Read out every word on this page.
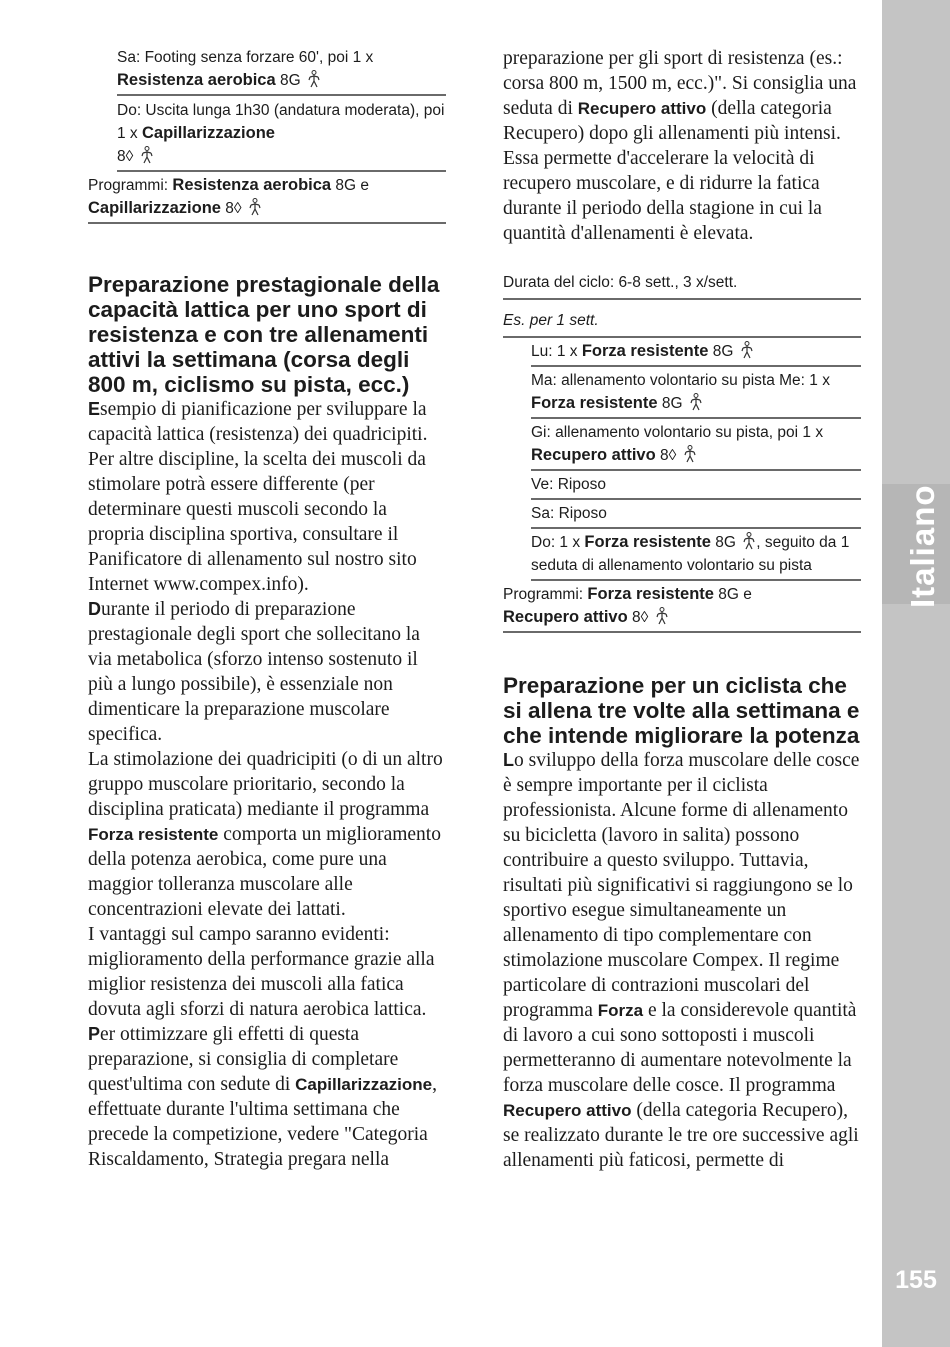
Italiano
155
Sa: Footing senza forzare 60', poi 1 x
Resistenza aerobica 8G
Do: Uscita lunga 1h30 (andatura moderata), poi 1 x Capillarizzazione
8◊
Programmi: Resistenza aerobica 8G e
Capillarizzazione 8◊
Preparazione prestagionale della capacità lattica per uno sport di resistenza e con tre allenamenti attivi la settimana (corsa degli 800 m, ciclismo su pista, ecc.)

Esempio di pianificazione per sviluppare la capacità lattica (resistenza) dei quadricipiti. Per altre discipline, la scelta dei muscoli da stimolare potrà essere differente (per determinare questi muscoli secondo la propria disciplina sportiva, consultare il Panificatore di allenamento sul nostro sito Internet www.compex.info).

Durante il periodo di preparazione prestagionale degli sport che sollecitano la via metabolica (sforzo intenso sostenuto il più a lungo possibile), è essenziale non dimenticare la preparazione muscolare specifica.

La stimolazione dei quadricipiti (o di un altro gruppo muscolare prioritario, secondo la disciplina praticata) mediante il programma Forza resistente comporta un miglioramento della potenza aerobica, come pure una maggior tolleranza muscolare alle concentrazioni elevate dei lattati.

I vantaggi sul campo saranno evidenti: miglioramento della performance grazie alla miglior resistenza dei muscoli alla fatica dovuta agli sforzi di natura aerobica lattica.

Per ottimizzare gli effetti di questa preparazione, si consiglia di completare quest'ultima con sedute di Capillarizzazione, effettuate durante l'ultima settimana che precede la competizione, vedere "Categoria Riscaldamento, Strategia pregara nella

preparazione per gli sport di resistenza (es.: corsa 800 m, 1500 m, ecc.)". Si consiglia una seduta di Recupero attivo (della categoria Recupero) dopo gli allenamenti più intensi. Essa permette d'accelerare la velocità di recupero muscolare, e di ridurre la fatica durante il periodo della stagione in cui la quantità d'allenamenti è elevata.

Durata del ciclo: 6-8 sett., 3 x/sett.
Es. per 1 sett.
Lu: 1 x Forza resistente 8G
Ma: allenamento volontario su pista Me: 1 x
Forza resistente 8G
Gi: allenamento volontario su pista, poi 1 x
Recupero attivo 8◊
Ve: Riposo
Sa: Riposo
Do: 1 x Forza resistente 8G , seguito da 1 seduta di allenamento volontario su pista
Programmi: Forza resistente 8G e
Recupero attivo 8◊
Preparazione per un ciclista che si allena tre volte alla settimana e che intende migliorare la potenza

Lo sviluppo della forza muscolare delle cosce è sempre importante per il ciclista professionista. Alcune forme di allenamento su bicicletta (lavoro in salita) possono contribuire a questo sviluppo. Tuttavia, risultati più significativi si raggiungono se lo sportivo esegue simultaneamente un allenamento di tipo complementare con stimolazione muscolare Compex. Il regime particolare di contrazioni muscolari del programma Forza e la considerevole quantità di lavoro a cui sono sottoposti i muscoli permetteranno di aumentare notevolmente la forza muscolare delle cosce. Il programma Recupero attivo (della categoria Recupero), se realizzato durante le tre ore successive agli allenamenti più faticosi, permette di
